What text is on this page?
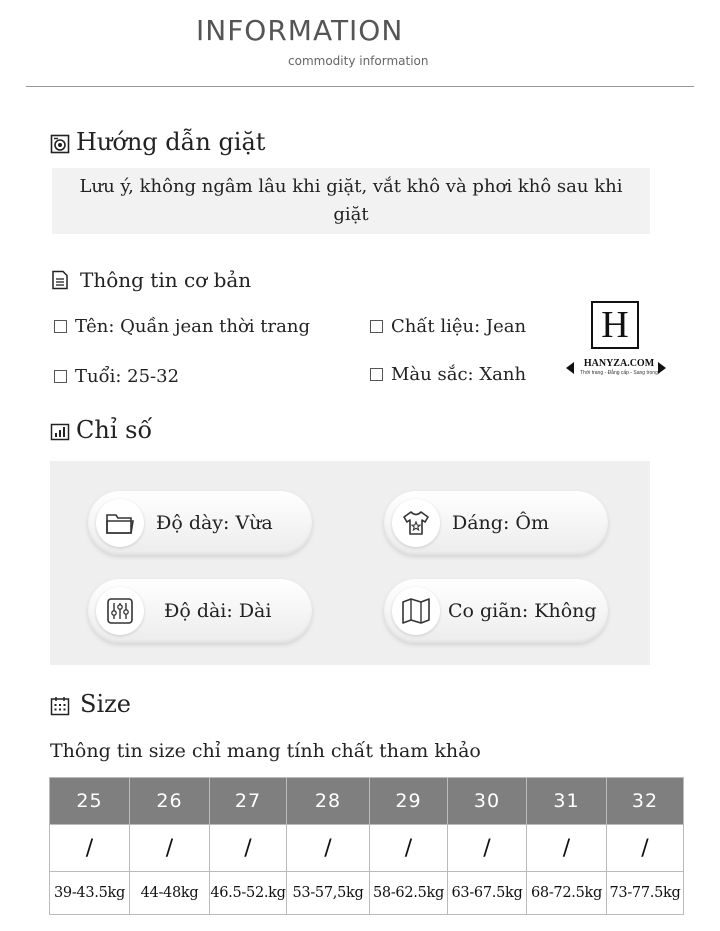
INFORMATION
commodity information
Hướng dẫn giặt
Lưu ý, không ngâm lâu khi giặt, vắt khô và phơi khô sau khi giặt
Thông tin cơ bản
Tên: Quần jean thời trang	Chất liệu: Jean
Tuổi: 25-32	Màu sắc: Xanh
H
HANYZA.COM
Thời trang - Đẳng cấp - Sang trọng
Chỉ số
Độ dày: Vừa	Dáng: Ôm
Độ dài: Dài	Co giãn: Không
Size
Thông tin size chỉ mang tính chất tham khảo
25	26	27	28	29	30	31	32
/	/	/	/	/	/	/	/
39-43.5kg	44-48kg	46.5-52.kg	53-57,5kg	58-62.5kg	63-67.5kg	68-72.5kg	73-77.5kg
